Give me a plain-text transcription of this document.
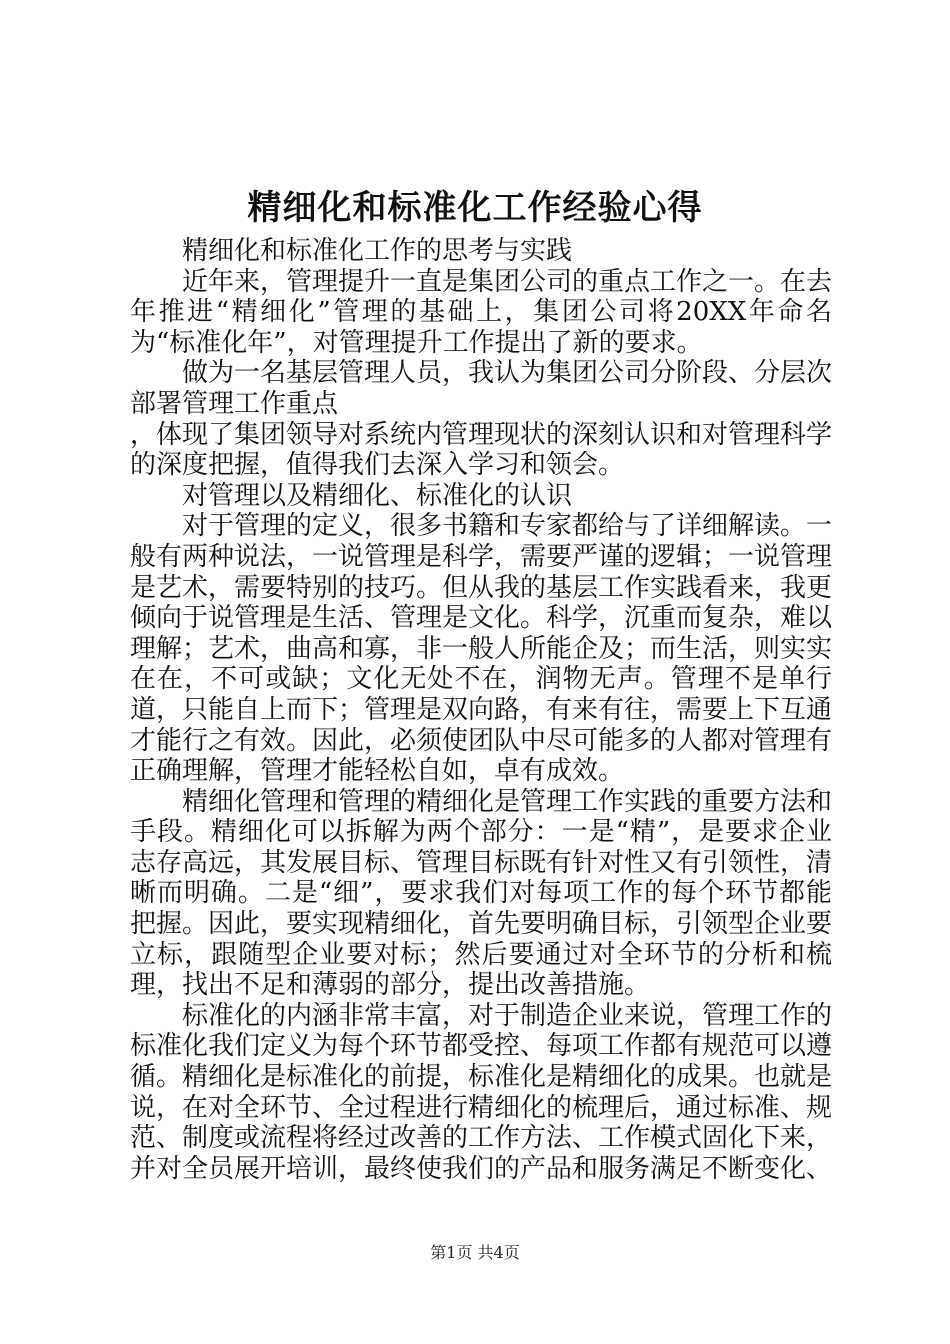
精细化和标准化工作经验心得

精细化和标准化工作的思考与实践

近年来，管理提升一直是集团公司的重点工作之一。在去年推进“精细化”管理的基础上，集团公司将20XX年命名为“标准化年”，对管理提升工作提出了新的要求。

做为一名基层管理人员，我认为集团公司分阶段、分层次部署管理工作重点

，体现了集团领导对系统内管理现状的深刻认识和对管理科学的深度把握，值得我们去深入学习和领会。

对管理以及精细化、标准化的认识

对于管理的定义，很多书籍和专家都给与了详细解读。一般有两种说法，一说管理是科学，需要严谨的逻辑；一说管理是艺术，需要特别的技巧。但从我的基层工作实践看来，我更倾向于说管理是生活、管理是文化。科学，沉重而复杂，难以理解；艺术，曲高和寡，非一般人所能企及；而生活，则实实在在，不可或缺；文化无处不在，润物无声。管理不是单行道，只能自上而下；管理是双向路，有来有往，需要上下互通才能行之有效。因此，必须使团队中尽可能多的人都对管理有正确理解，管理才能轻松自如，卓有成效。

精细化管理和管理的精细化是管理工作实践的重要方法和手段。精细化可以拆解为两个部分：一是“精”，是要求企业志存高远，其发展目标、管理目标既有针对性又有引领性，清晰而明确。二是“细”，要求我们对每项工作的每个环节都能把握。因此，要实现精细化，首先要明确目标，引领型企业要立标，跟随型企业要对标；然后要通过对全环节的分析和梳理，找出不足和薄弱的部分，提出改善措施。

标准化的内涵非常丰富，对于制造企业来说，管理工作的标准化我们定义为每个环节都受控、每项工作都有规范可以遵循。精细化是标准化的前提，标准化是精细化的成果。也就是说，在对全环节、全过程进行精细化的梳理后，通过标准、规范、制度或流程将经过改善的工作方法、工作模式固化下来，并对全员展开培训，最终使我们的产品和服务满足不断变化、

第1页 共4页
